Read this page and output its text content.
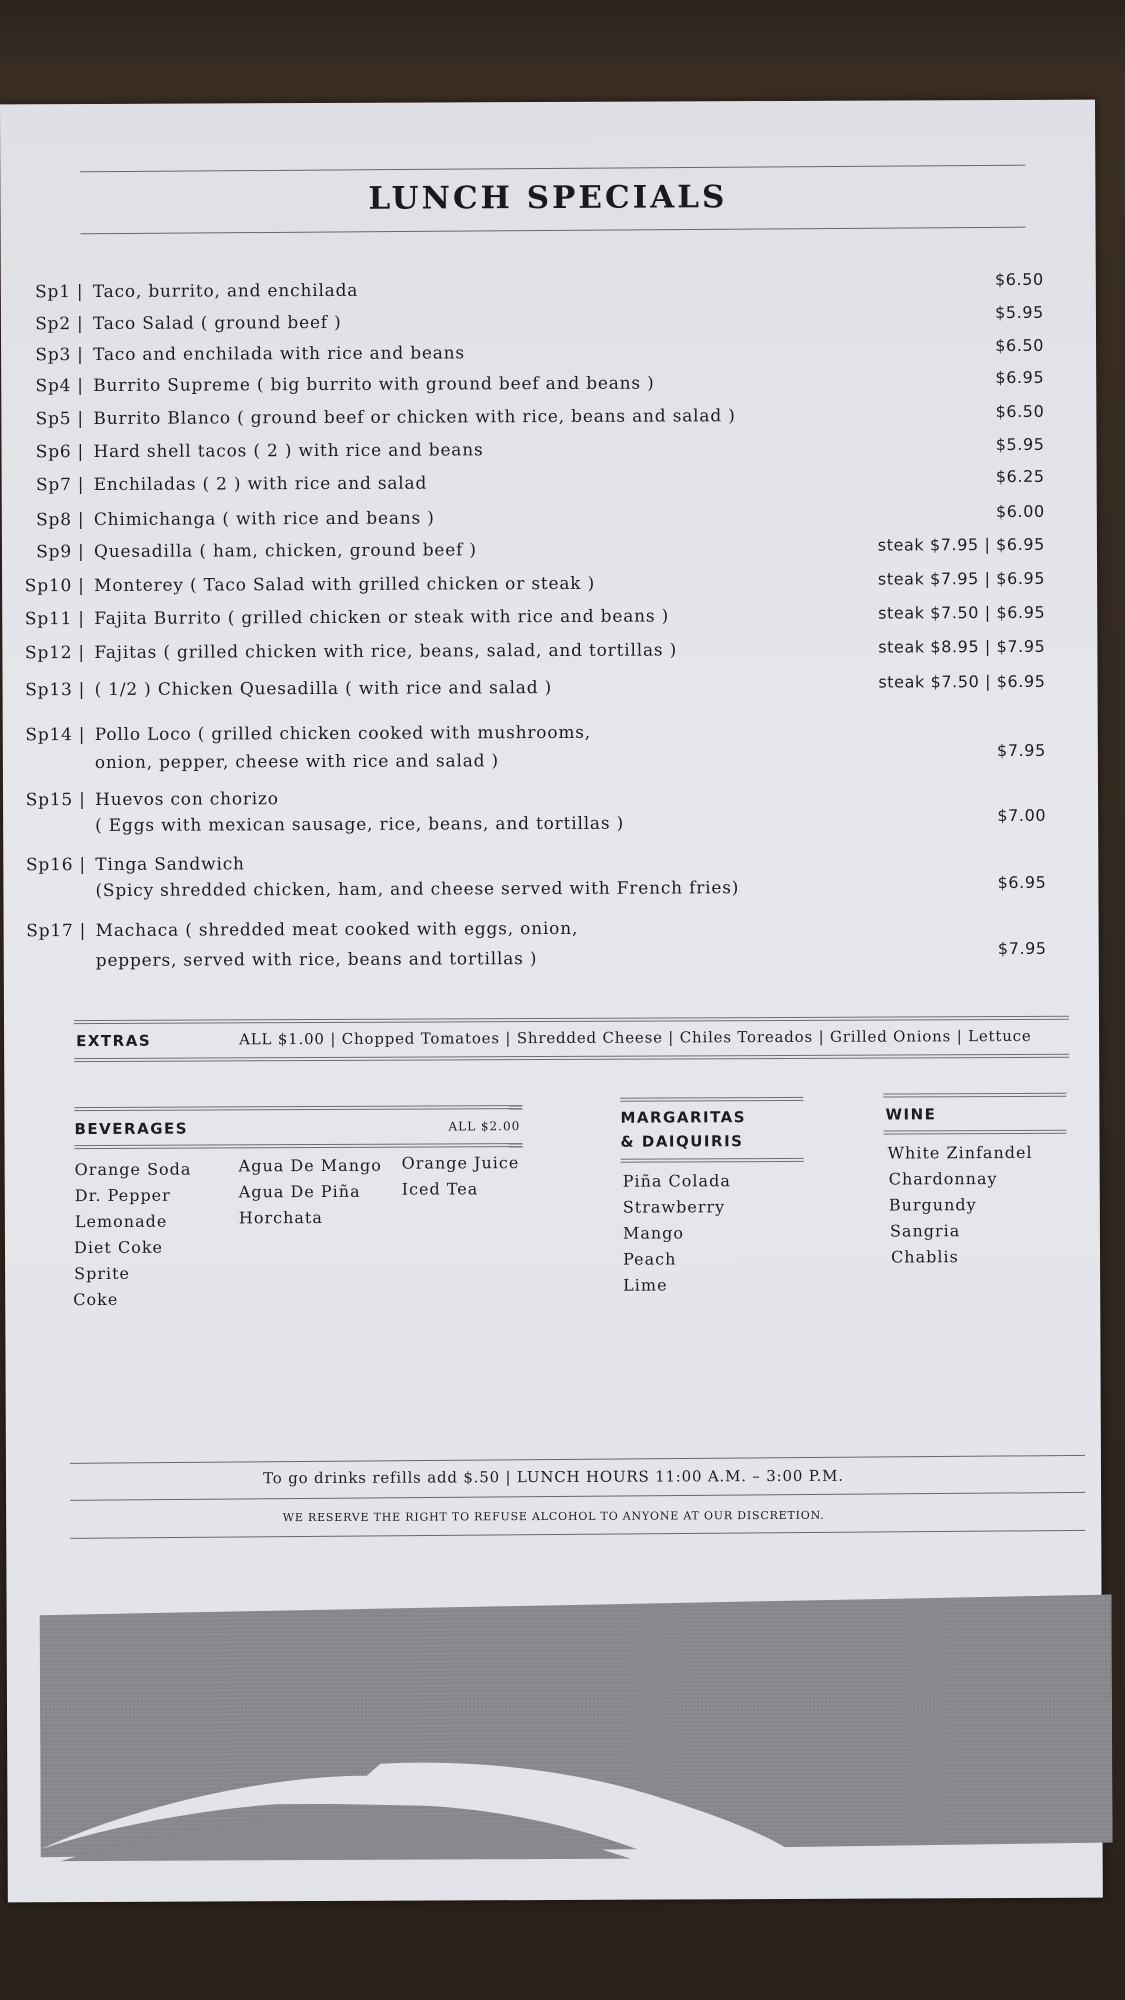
LUNCH SPECIALS
Sp1 | Taco, burrito, and enchilada
$6.50
Sp2 | Taco Salad ( ground beef )
$5.95
Sp3 | Taco and enchilada with rice and beans	$6.50
Sp4 | Burrito Supreme ( big burrito with ground beef and beans )	$6.95
Sp5 | Burrito Blanco ( ground beef or chicken with rice, beans and salad )	$6.50
Sp6 | Hard shell tacos ( 2 ) with rice and beans	$5.95
Sp7 | Enchiladas ( 2 ) with rice and salad	$6.25
Sp8 | Chimichanga ( with rice and beans )	$6.00
Sp9 | Quesadilla ( ham, chicken, ground beef )	steak $7.95 | $6.95
Sp10 | Monterey ( Taco Salad with grilled chicken or steak )	steak $7.95 | $6.95
Sp11 | Fajita Burrito ( grilled chicken or steak with rice and beans )	steak $7.50 | $6.95
Sp12 | Fajitas ( grilled chicken with rice, beans, salad, and tortillas )	steak $8.95 | $7.95
Sp13 | ( 1/2 ) Chicken Quesadilla ( with rice and salad )	steak $7.50 | $6.95
Sp14 | Pollo Loco ( grilled chicken cooked with mushrooms,
onion, pepper, cheese with rice and salad )
$7.95
Sp15 | Huevos con chorizo
( Eggs with mexican sausage, rice, beans, and tortillas )	$7.00
Sp16 | Tinga Sandwich
(Spicy shredded chicken, ham, and cheese served with French fries)	$6.95
Sp17 | Machaca ( shredded meat cooked with eggs, onion,
peppers, served with rice, beans and tortillas )
$7.95
EXTRAS	ALL $1.00 | Chopped Tomatoes | Shredded Cheese | Chiles Toreados | Grilled Onions | Lettuce
BEVERAGES	ALL $2.00
Orange Soda
Dr. Pepper
Lemonade
Diet Coke
Sprite
Coke
Agua De Mango
Agua De Piña
Horchata
Orange Juice
Iced Tea
MARGARITAS
& DAIQUIRIS
Piña Colada
Strawberry
Mango
Peach
Lime
WINE
White Zinfandel
Chardonnay
Burgundy
Sangria
Chablis
To go drinks refills add $.50 | LUNCH HOURS 11:00 A.M. – 3:00 P.M.
WE RESERVE THE RIGHT TO REFUSE ALCOHOL TO ANYONE AT OUR DISCRETION.
